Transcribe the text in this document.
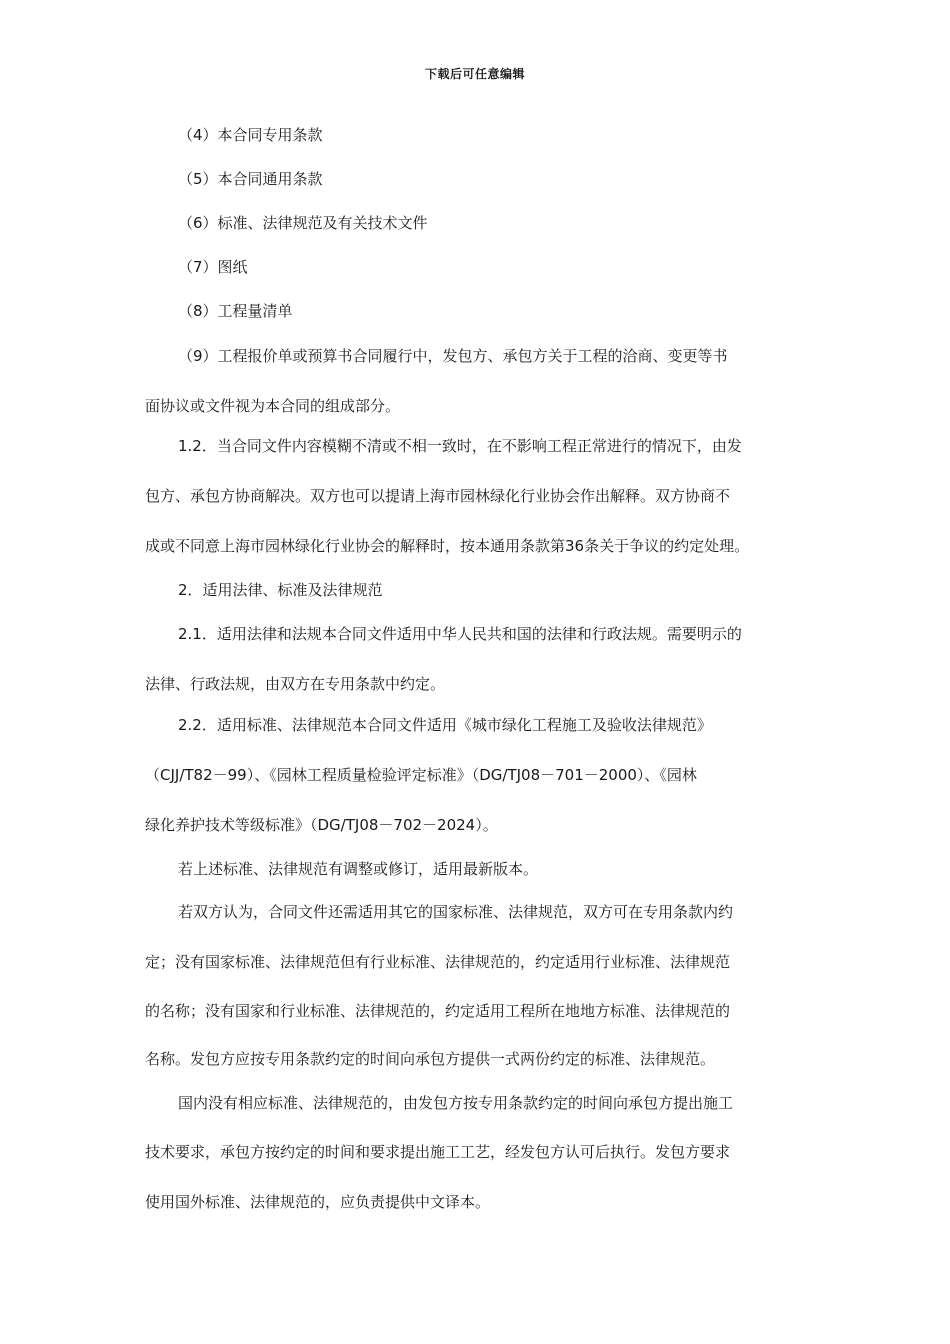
下载后可任意编辑
（4）本合同专用条款
（5）本合同通用条款
（6）标准、法律规范及有关技术文件
（7）图纸
（8）工程量清单
（9）工程报价单或预算书合同履行中，发包方、承包方关于工程的洽商、变更等书
面协议或文件视为本合同的组成部分。
1.2．当合同文件内容模糊不清或不相一致时，在不影响工程正常进行的情况下，由发
包方、承包方协商解决。双方也可以提请上海市园林绿化行业协会作出解释。双方协商不
成或不同意上海市园林绿化行业协会的解释时，按本通用条款第36条关于争议的约定处理。
2．适用法律、标准及法律规范
2.1．适用法律和法规本合同文件适用中华人民共和国的法律和行政法规。需要明示的
法律、行政法规，由双方在专用条款中约定。
2.2．适用标准、法律规范本合同文件适用《城市绿化工程施工及验收法律规范》
（CJJ/T82－99）、《园林工程质量检验评定标准》（DG/TJ08－701－2000）、《园林
绿化养护技术等级标准》（DG/TJ08－702－2024）。
若上述标准、法律规范有调整或修订，适用最新版本。
若双方认为，合同文件还需适用其它的国家标准、法律规范，双方可在专用条款内约
定；没有国家标准、法律规范但有行业标准、法律规范的，约定适用行业标准、法律规范
的名称；没有国家和行业标准、法律规范的，约定适用工程所在地地方标准、法律规范的
名称。发包方应按专用条款约定的时间向承包方提供一式两份约定的标准、法律规范。
国内没有相应标准、法律规范的，由发包方按专用条款约定的时间向承包方提出施工
技术要求，承包方按约定的时间和要求提出施工工艺，经发包方认可后执行。发包方要求
使用国外标准、法律规范的，应负责提供中文译本。
